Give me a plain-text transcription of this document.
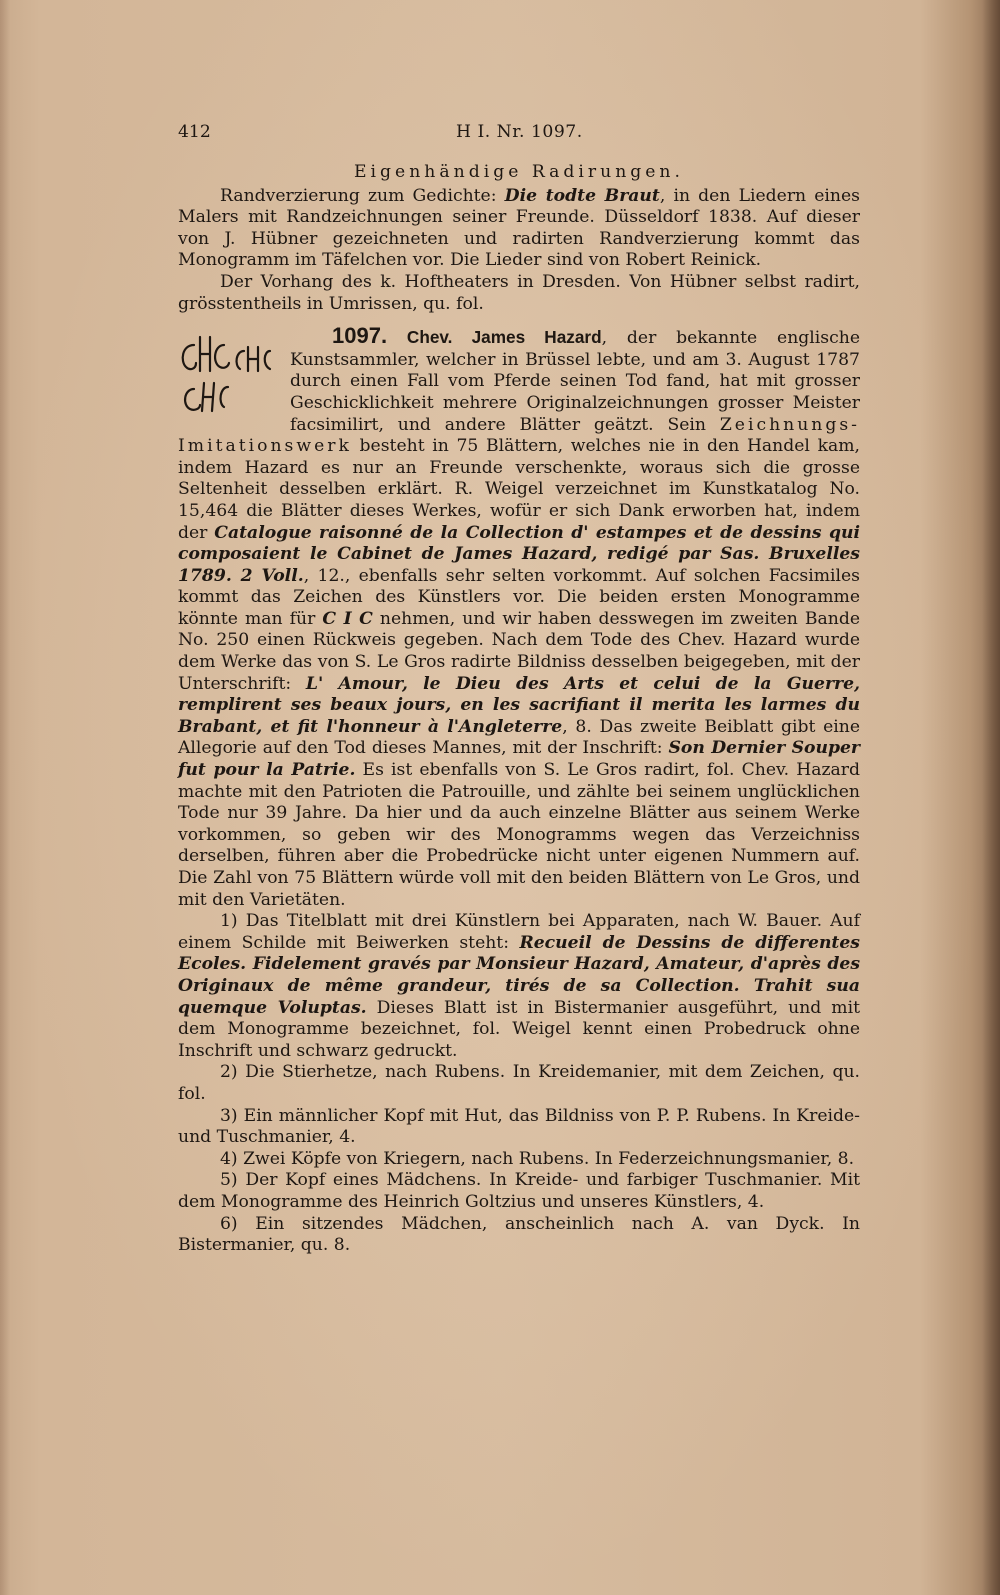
412	H I. Nr. 1097.

Eigenhändige Radirungen.

Randverzierung zum Gedichte: Die todte Braut, in den Liedern eines Malers mit Randzeichnungen seiner Freunde. Düsseldorf 1838. Auf dieser von J. Hübner gezeichneten und radirten Randverzierung kommt das Monogramm im Täfelchen vor. Die Lieder sind von Robert Reinick.

Der Vorhang des k. Hoftheaters in Dresden. Von Hübner selbst radirt, grösstentheils in Umrissen, qu. fol.

1097. Chev. James Hazard, der bekannte englische Kunstsammler, welcher in Brüssel lebte, und am 3. August 1787 durch einen Fall vom Pferde seinen Tod fand, hat mit grosser Geschicklichkeit mehrere Originalzeichnungen grosser Meister facsimilirt, und andere Blätter geätzt. Sein Zeichnungs-Imitationswerk besteht in 75 Blättern, welches nie in den Handel kam, indem Hazard es nur an Freunde verschenkte, woraus sich die grosse Seltenheit desselben erklärt. R. Weigel verzeichnet im Kunstkatalog No. 15,464 die Blätter dieses Werkes, wofür er sich Dank erworben hat, indem der Catalogue raisonné de la Collection d' estampes et de dessins qui composaient le Cabinet de James Hazard, redigé par Sas. Bruxelles 1789. 2 Voll., 12., ebenfalls sehr selten vorkommt. Auf solchen Facsimiles kommt das Zeichen des Künstlers vor. Die beiden ersten Monogramme könnte man für C I C nehmen, und wir haben desswegen im zweiten Bande No. 250 einen Rückweis gegeben. Nach dem Tode des Chev. Hazard wurde dem Werke das von S. Le Gros radirte Bildniss desselben beigegeben, mit der Unterschrift: L' Amour, le Dieu des Arts et celui de la Guerre, remplirent ses beaux jours, en les sacrifiant il merita les larmes du Brabant, et fit l'honneur à l'Angleterre, 8. Das zweite Beiblatt gibt eine Allegorie auf den Tod dieses Mannes, mit der Inschrift: Son Dernier Souper fut pour la Patrie. Es ist ebenfalls von S. Le Gros radirt, fol. Chev. Hazard machte mit den Patrioten die Patrouille, und zählte bei seinem unglücklichen Tode nur 39 Jahre. Da hier und da auch einzelne Blätter aus seinem Werke vorkommen, so geben wir des Monogramms wegen das Verzeichniss derselben, führen aber die Probedrücke nicht unter eigenen Nummern auf. Die Zahl von 75 Blättern würde voll mit den beiden Blättern von Le Gros, und mit den Varietäten.

1) Das Titelblatt mit drei Künstlern bei Apparaten, nach W. Bauer. Auf einem Schilde mit Beiwerken steht: Recueil de Dessins de differentes Ecoles. Fidelement gravés par Monsieur Hazard, Amateur, d'après des Originaux de même grandeur, tirés de sa Collection. Trahit sua quemque Voluptas. Dieses Blatt ist in Bistermanier ausgeführt, und mit dem Monogramme bezeichnet, fol. Weigel kennt einen Probedruck ohne Inschrift und schwarz gedruckt.

2) Die Stierhetze, nach Rubens. In Kreidemanier, mit dem Zeichen, qu. fol.

3) Ein männlicher Kopf mit Hut, das Bildniss von P. P. Rubens. In Kreide- und Tuschmanier, 4.

4) Zwei Köpfe von Kriegern, nach Rubens. In Federzeichnungsmanier, 8.

5) Der Kopf eines Mädchens. In Kreide- und farbiger Tuschmanier. Mit dem Monogramme des Heinrich Goltzius und unseres Künstlers, 4.

6) Ein sitzendes Mädchen, anscheinlich nach A. van Dyck. In Bistermanier, qu. 8.
